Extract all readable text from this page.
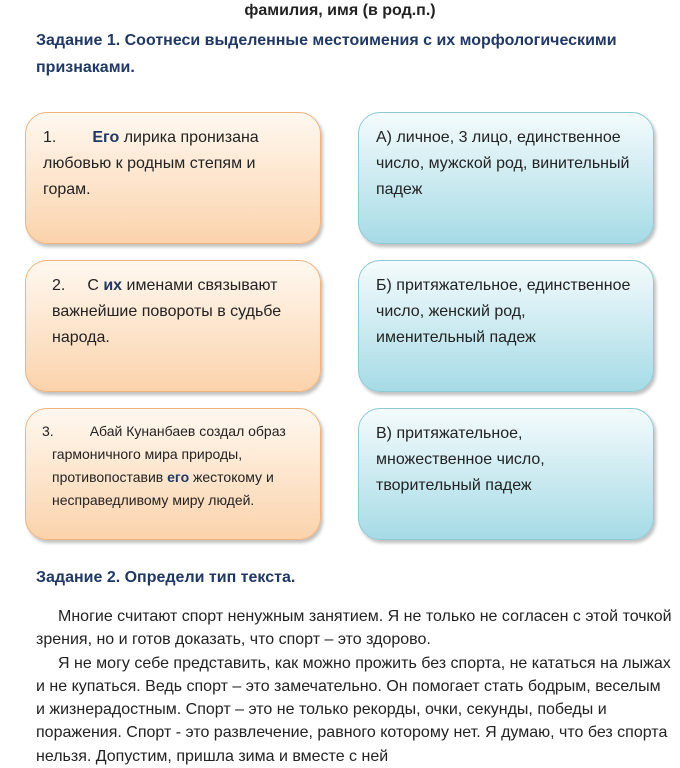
фамилия, имя (в род.п.)
Задание 1. Соотнеси выделенные местоимения с их морфологическими признаками.
1. Его лирика пронизана любовью к родным степям и горам.
А) личное, 3 лицо, единственное число, мужской род, винительный падеж
2. С их именами связывают важнейшие повороты в судьбе народа.
Б) притяжательное, единственное число, женский род, именительный падеж
3.	Абай Кунанбаев создал образ гармоничного мира природы, противопоставив его жестокому и несправедливому миру людей.
В) притяжательное, множественное число, творительный падеж
Задание 2. Определи тип текста.

Многие считают спорт ненужным занятием. Я не только не согласен с этой точкой зрения, но и готов доказать, что спорт – это здорово.

Я не могу себе представить, как можно прожить без спорта, не кататься на лыжах и не купаться. Ведь спорт – это замечательно. Он помогает стать бодрым, веселым и жизнерадостным. Спорт – это не только рекорды, очки, секунды, победы и поражения. Спорт - это развлечение, равного которому нет. Я думаю, что без спорта нельзя. Допустим, пришла зима и вместе с ней
